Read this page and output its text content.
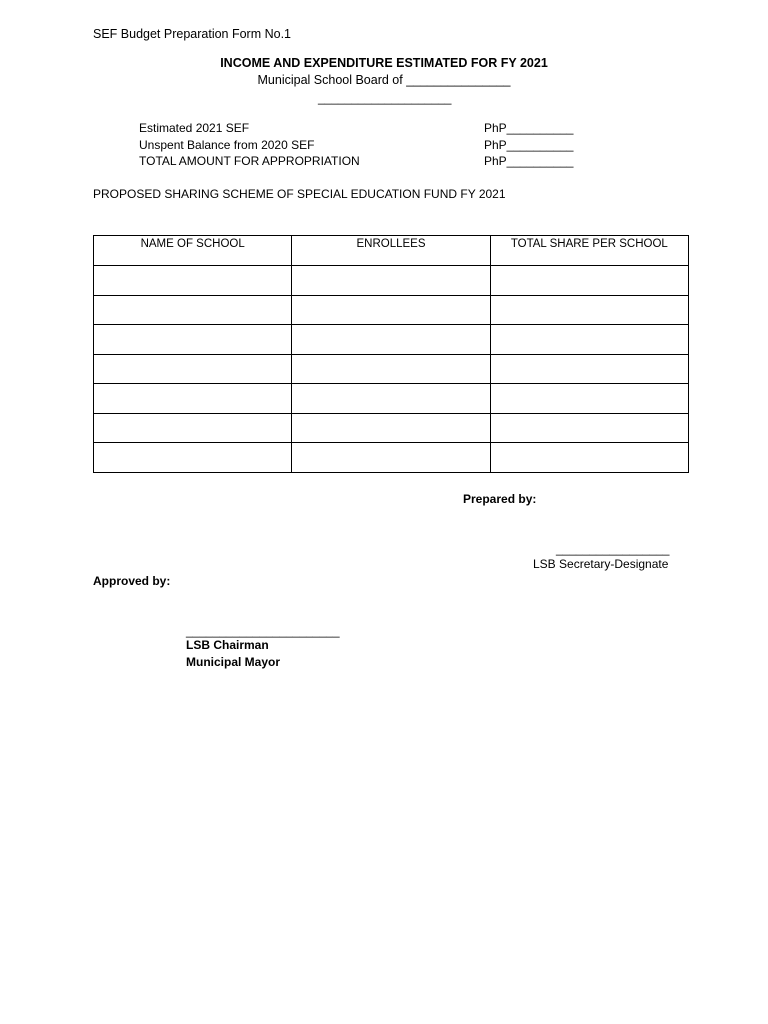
SEF Budget Preparation Form No.1
INCOME AND EXPENDITURE ESTIMATED FOR FY 2021
Municipal School Board of _______________
____________________
Estimated 2021 SEF	PhP__________
Unspent Balance from 2020 SEF	PhP__________
TOTAL AMOUNT FOR APPROPRIATION	PhP__________
PROPOSED SHARING SCHEME OF SPECIAL EDUCATION FUND FY 2021
NAME OF SCHOOL	ENROLLEES	TOTAL SHARE PER SCHOOL

Prepared by:
_________________
LSB Secretary-Designate
Approved by:
_______________________
LSB Chairman
Municipal Mayor
